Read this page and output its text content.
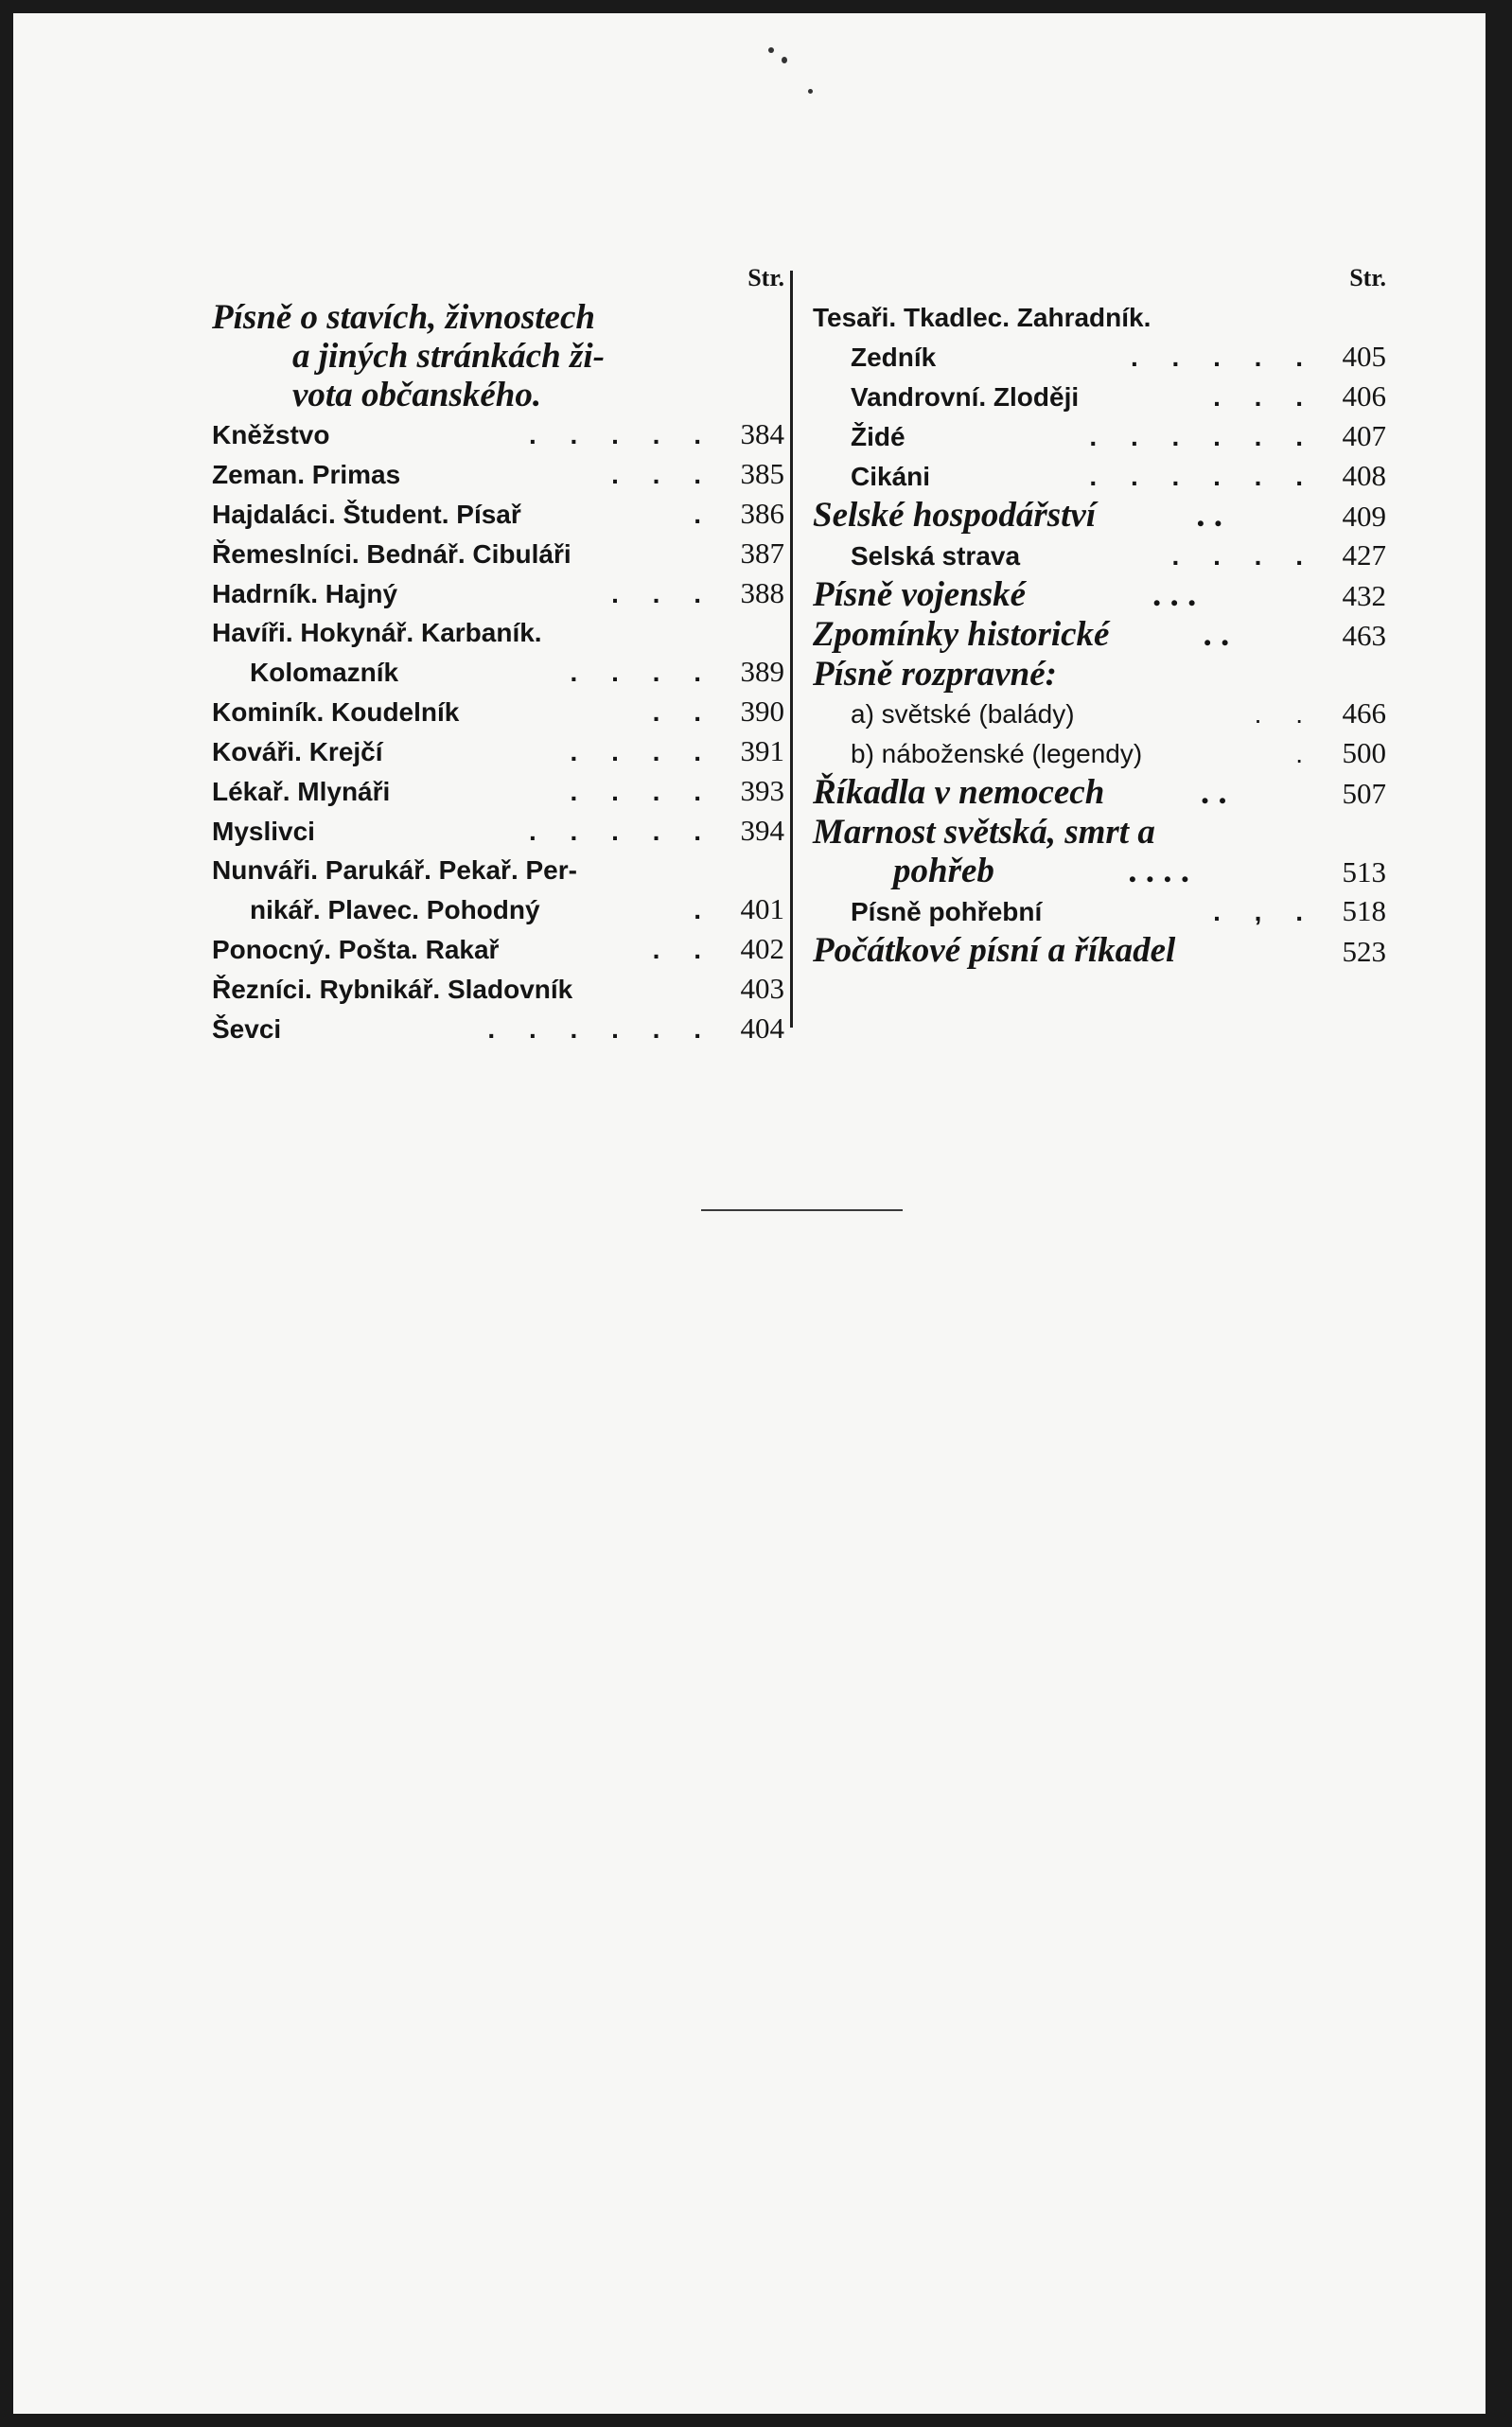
Str.
Písně o stavích, živnostech
a jiných stránkách ži-
vota občanského.
Kněžstvo	. . . . . 384
Zeman. Primas	. . . 385
Hajdaláci. Študent. Písař	. 386
Řemeslníci. Bednář. Cibuláři	387
Hadrník. Hajný	. . . 388
Havíři. Hokynář. Karbaník.
Kolomazník	. . . . 389
Kominík. Koudelník	. . 390
Kováři. Krejčí	. . . . 391
Lékař. Mlynáři	. . . . 393
Myslivci	. . . . . 394
Nunváři. Parukář. Pekař. Per-
nikář. Plavec. Pohodný	. 401
Ponocný. Pošta. Rakař	. . 402
Řezníci. Rybnikář. Sladovník	403
Ševci	. . . . . . 404
Str.
Tesaři. Tkadlec. Zahradník.
Zedník	. . . . . 405
Vandrovní. Zloději	. . . 406
Židé	. . . . . . 407
Cikáni	. . . . . . 408
Selské hospodářství	. .	409
Selská strava	. . . . 427
Písně vojenské	. . .	432
Zpomínky historické	. .	463
Písně rozpravné:
a) světské (balády)	. . 466
b) náboženské (legendy)	. 500
Říkadla v nemocech	. .	507
Marnost světská, smrt a
pohřeb	. . . .	513
Písně pohřební	. , . 518
Počátkové písní a říkadel	523
